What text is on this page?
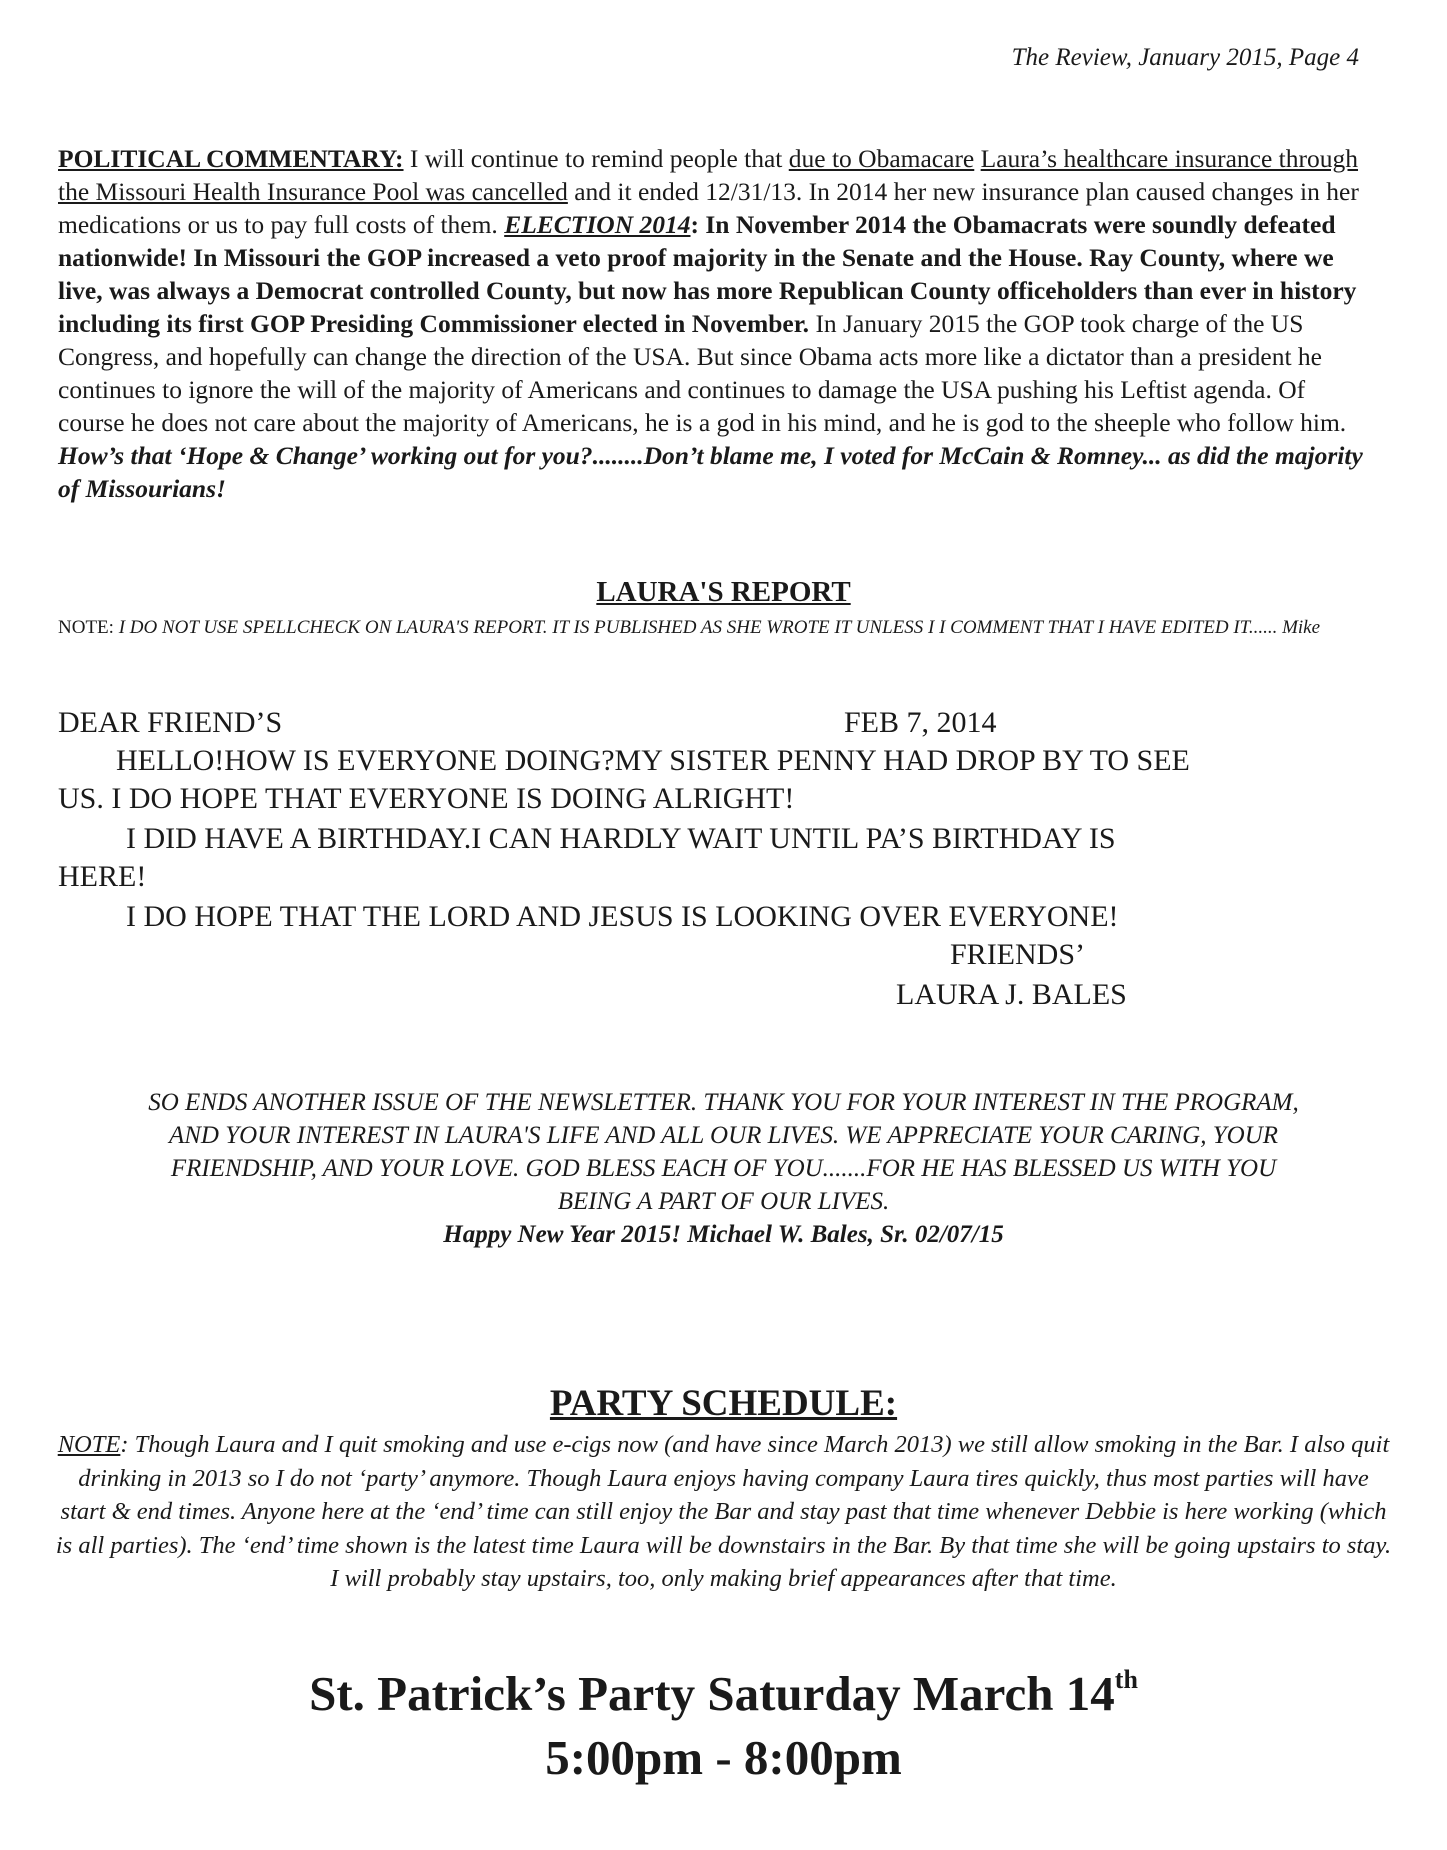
The Review, January 2015, Page 4
POLITICAL COMMENTARY: I will continue to remind people that due to Obamacare Laura’s healthcare insurance through the Missouri Health Insurance Pool was cancelled and it ended 12/31/13. In 2014 her new insurance plan caused changes in her medications or us to pay full costs of them. ELECTION 2014: In November 2014 the Obamacrats were soundly defeated nationwide! In Missouri the GOP increased a veto proof majority in the Senate and the House. Ray County, where we live, was always a Democrat controlled County, but now has more Republican County officeholders than ever in history including its first GOP Presiding Commissioner elected in November. In January 2015 the GOP took charge of the US Congress, and hopefully can change the direction of the USA. But since Obama acts more like a dictator than a president he continues to ignore the will of the majority of Americans and continues to damage the USA pushing his Leftist agenda. Of course he does not care about the majority of Americans, he is a god in his mind, and he is god to the sheeple who follow him. How’s that ‘Hope & Change’ working out for you?........Don’t blame me, I voted for McCain & Romney... as did the majority of Missourians!
LAURA'S REPORT
NOTE: I DO NOT USE SPELLCHECK ON LAURA'S REPORT. IT IS PUBLISHED AS SHE WROTE IT UNLESS I I COMMENT THAT I HAVE EDITED IT...... Mike
DEAR FRIEND’S	FEB 7, 2014
HELLO!HOW IS EVERYONE DOING?MY SISTER PENNY HAD DROP BY TO SEE
US. I DO HOPE THAT EVERYONE IS DOING ALRIGHT!
I DID HAVE A BIRTHDAY.I CAN HARDLY WAIT UNTIL PA’S BIRTHDAY IS
HERE!
I DO HOPE THAT THE LORD AND JESUS IS LOOKING OVER EVERYONE!
FRIENDS’
LAURA J. BALES
SO ENDS ANOTHER ISSUE OF THE NEWSLETTER. THANK YOU FOR YOUR INTEREST IN THE PROGRAM,
AND YOUR INTEREST IN LAURA'S LIFE AND ALL OUR LIVES. WE APPRECIATE YOUR CARING, YOUR
FRIENDSHIP, AND YOUR LOVE. GOD BLESS EACH OF YOU.......FOR HE HAS BLESSED US WITH YOU
BEING A PART OF OUR LIVES.
Happy New Year 2015! Michael W. Bales, Sr. 02/07/15
PARTY SCHEDULE:
NOTE: Though Laura and I quit smoking and use e-cigs now (and have since March 2013) we still allow smoking in the Bar. I also quit drinking in 2013 so I do not ‘party’ anymore. Though Laura enjoys having company Laura tires quickly, thus most parties will have start & end times. Anyone here at the ‘end’ time can still enjoy the Bar and stay past that time whenever Debbie is here working (which is all parties). The ‘end’ time shown is the latest time Laura will be downstairs in the Bar. By that time she will be going upstairs to stay. I will probably stay upstairs, too, only making brief appearances after that time.
St. Patrick’s Party Saturday March 14th
5:00pm - 8:00pm
